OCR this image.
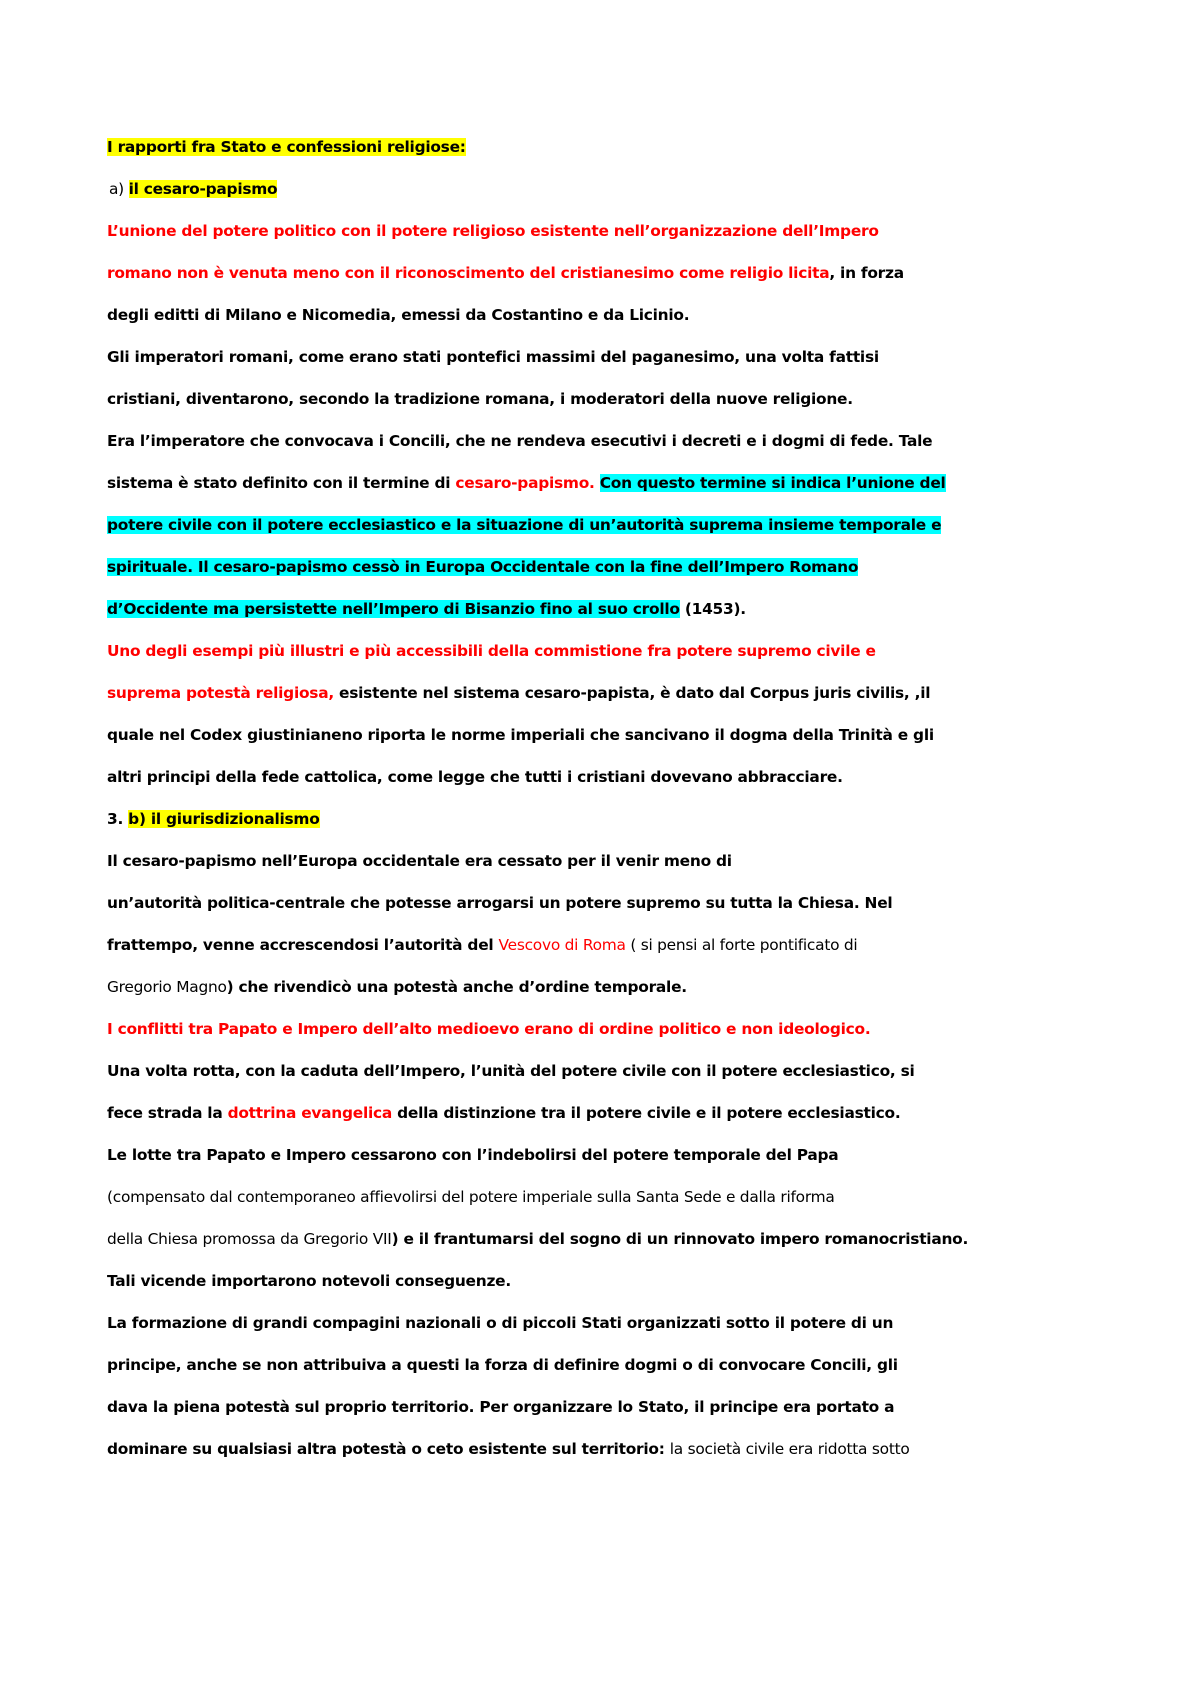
I rapporti fra Stato e confessioni religiose:
a) il cesaro-papismo
L’unione del potere politico con il potere religioso esistente nell’organizzazione dell’Impero
romano non è venuta meno con il riconoscimento del cristianesimo come religio licita, in forza
degli editti di Milano e Nicomedia, emessi da Costantino e da Licinio.
Gli imperatori romani, come erano stati pontefici massimi del paganesimo, una volta fattisi
cristiani, diventarono, secondo la tradizione romana, i moderatori della nuove religione.
Era l’imperatore che convocava i Concili, che ne rendeva esecutivi i decreti e i dogmi di fede. Tale
sistema è stato definito con il termine di cesaro-papismo. Con questo termine si indica l’unione del
potere civile con il potere ecclesiastico e la situazione di un’autorità suprema insieme temporale e
spirituale. Il cesaro-papismo cessò in Europa Occidentale con la fine dell’Impero Romano
d’Occidente ma persistette nell’Impero di Bisanzio fino al suo crollo (1453).
Uno degli esempi più illustri e più accessibili della commistione fra potere supremo civile e
suprema potestà religiosa, esistente nel sistema cesaro-papista, è dato dal Corpus juris civilis, ,il
quale nel Codex giustinianeno riporta le norme imperiali che sancivano il dogma della Trinità e gli
altri principi della fede cattolica, come legge che tutti i cristiani dovevano abbracciare.
3. b) il giurisdizionalismo
Il cesaro-papismo nell’Europa occidentale era cessato per il venir meno di
un’autorità politica-centrale che potesse arrogarsi un potere supremo su tutta la Chiesa. Nel
frattempo, venne accrescendosi l’autorità del Vescovo di Roma ( si pensi al forte pontificato di
Gregorio Magno) che rivendicò una potestà anche d’ordine temporale.
I conflitti tra Papato e Impero dell’alto medioevo erano di ordine politico e non ideologico.
Una volta rotta, con la caduta dell’Impero, l’unità del potere civile con il potere ecclesiastico, si
fece strada la dottrina evangelica della distinzione tra il potere civile e il potere ecclesiastico.
Le lotte tra Papato e Impero cessarono con l’indebolirsi del potere temporale del Papa
(compensato dal contemporaneo affievolirsi del potere imperiale sulla Santa Sede e dalla riforma
della Chiesa promossa da Gregorio VII) e il frantumarsi del sogno di un rinnovato impero romanocristiano.
Tali vicende importarono notevoli conseguenze.
La formazione di grandi compagini nazionali o di piccoli Stati organizzati sotto il potere di un
principe, anche se non attribuiva a questi la forza di definire dogmi o di convocare Concili, gli
dava la piena potestà sul proprio territorio. Per organizzare lo Stato, il principe era portato a
dominare su qualsiasi altra potestà o ceto esistente sul territorio: la società civile era ridotta sotto
